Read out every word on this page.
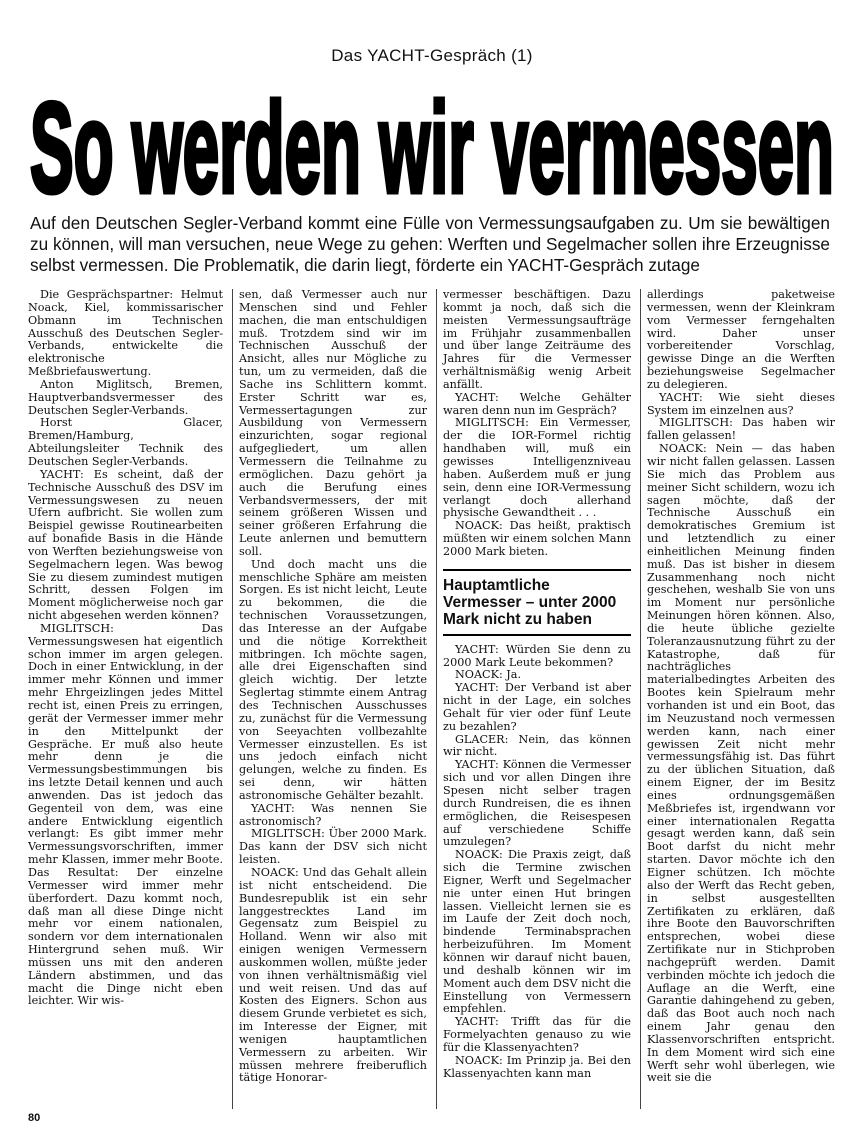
Das YACHT-Gespräch (1)
So werden wir vermessen
Auf den Deutschen Segler-Verband kommt eine Fülle von Vermessungsaufgaben zu. Um sie bewältigen zu können, will man versuchen, neue Wege zu gehen: Werften und Segelmacher sollen ihre Erzeugnisse selbst vermessen. Die Problematik, die darin liegt, förderte ein YACHT-Gespräch zutage

Die Gesprächspartner: Helmut Noack, Kiel, kommissarischer Obmann im Technischen Ausschuß des Deutschen Segler-Verbands, entwickelte die elektronische Meßbriefauswertung.

Anton Miglitsch, Bremen, Hauptverbandsvermesser des Deutschen Segler-Verbands.

Horst Glacer, Bremen/Hamburg, Abteilungsleiter Technik des Deutschen Segler-Verbands.

YACHT: Es scheint, daß der Technische Ausschuß des DSV im Vermessungswesen zu neuen Ufern aufbricht. Sie wollen zum Beispiel gewisse Routinearbeiten auf bonafide Basis in die Hände von Werften beziehungsweise von Segelmachern legen. Was bewog Sie zu diesem zumindest mutigen Schritt, dessen Folgen im Moment möglicherweise noch gar nicht abgesehen werden können?

MIGLITSCH: Das Vermessungswesen hat eigentlich schon immer im argen gelegen. Doch in einer Entwicklung, in der immer mehr Können und immer mehr Ehrgeizlingen jedes Mittel recht ist, einen Preis zu erringen, gerät der Vermesser immer mehr in den Mittelpunkt der Gespräche. Er muß also heute mehr denn je die Vermessungsbestimmungen bis ins letzte Detail kennen und auch anwenden. Das ist jedoch das Gegenteil von dem, was eine andere Entwicklung eigentlich verlangt: Es gibt immer mehr Vermessungsvorschriften, immer mehr Klassen, immer mehr Boote. Das Resultat: Der einzelne Vermesser wird immer mehr überfordert. Dazu kommt noch, daß man all diese Dinge nicht mehr vor einem nationalen, sondern vor dem internationalen Hintergrund sehen muß. Wir müssen uns mit den anderen Ländern abstimmen, und das macht die Dinge nicht eben leichter. Wir wis-

sen, daß Vermesser auch nur Menschen sind und Fehler machen, die man entschuldigen muß. Trotzdem sind wir im Technischen Ausschuß der Ansicht, alles nur Mögliche zu tun, um zu vermeiden, daß die Sache ins Schlittern kommt. Erster Schritt war es, Vermessertagungen zur Ausbildung von Vermessern einzurichten, sogar regional aufgegliedert, um allen Vermessern die Teilnahme zu ermöglichen. Dazu gehört ja auch die Berufung eines Verbandsvermessers, der mit seinem größeren Wissen und seiner größeren Erfahrung die Leute anlernen und bemuttern soll.

Und doch macht uns die menschliche Sphäre am meisten Sorgen. Es ist nicht leicht, Leute zu bekommen, die die technischen Voraussetzungen, das Interesse an der Aufgabe und die nötige Korrektheit mitbringen. Ich möchte sagen, alle drei Eigenschaften sind gleich wichtig. Der letzte Seglertag stimmte einem Antrag des Technischen Ausschusses zu, zunächst für die Vermessung von Seeyachten vollbezahlte Vermesser einzustellen. Es ist uns jedoch einfach nicht gelungen, welche zu finden. Es sei denn, wir hätten astronomische Gehälter bezahlt.

YACHT: Was nennen Sie astronomisch?

MIGLITSCH: Über 2000 Mark. Das kann der DSV sich nicht leisten.

NOACK: Und das Gehalt allein ist nicht entscheidend. Die Bundesrepublik ist ein sehr langgestrecktes Land im Gegensatz zum Beispiel zu Holland. Wenn wir also mit einigen wenigen Vermessern auskommen wollen, müßte jeder von ihnen verhältnismäßig viel und weit reisen. Und das auf Kosten des Eigners. Schon aus diesem Grunde verbietet es sich, im Interesse der Eigner, mit wenigen hauptamtlichen Vermessern zu arbeiten. Wir müssen mehrere freiberuflich tätige Honorar-

vermesser beschäftigen. Dazu kommt ja noch, daß sich die meisten Vermessungsaufträge im Frühjahr zusammenballen und über lange Zeiträume des Jahres für die Vermesser verhältnismäßig wenig Arbeit anfällt.

YACHT: Welche Gehälter waren denn nun im Gespräch?

MIGLITSCH: Ein Vermesser, der die IOR-Formel richtig handhaben will, muß ein gewisses Intelligenzniveau haben. Außerdem muß er jung sein, denn eine IOR-Vermessung verlangt doch allerhand physische Gewandtheit . . .

NOACK: Das heißt, praktisch müßten wir einem solchen Mann 2000 Mark bieten.

Hauptamtliche Vermesser – unter 2000 Mark nicht zu haben

YACHT: Würden Sie denn zu 2000 Mark Leute bekommen?

NOACK: Ja.

YACHT: Der Verband ist aber nicht in der Lage, ein solches Gehalt für vier oder fünf Leute zu bezahlen?

GLACER: Nein, das können wir nicht.

YACHT: Können die Vermesser sich und vor allen Dingen ihre Spesen nicht selber tragen durch Rundreisen, die es ihnen ermöglichen, die Reisespesen auf verschiedene Schiffe umzulegen?

NOACK: Die Praxis zeigt, daß sich die Termine zwischen Eigner, Werft und Segelmacher nie unter einen Hut bringen lassen. Vielleicht lernen sie es im Laufe der Zeit doch noch, bindende Terminabsprachen herbeizuführen. Im Moment können wir darauf nicht bauen, und deshalb können wir im Moment auch dem DSV nicht die Einstellung von Vermessern empfehlen.

YACHT: Trifft das für die Formelyachten genauso zu wie für die Klassenyachten?

NOACK: Im Prinzip ja. Bei den Klassenyachten kann man

allerdings paketweise vermessen, wenn der Kleinkram vom Vermesser ferngehalten wird. Daher unser vorbereitender Vorschlag, gewisse Dinge an die Werften beziehungsweise Segelmacher zu delegieren.

YACHT: Wie sieht dieses System im einzelnen aus?

MIGLITSCH: Das haben wir fallen gelassen!

NOACK: Nein — das haben wir nicht fallen gelassen. Lassen Sie mich das Problem aus meiner Sicht schildern, wozu ich sagen möchte, daß der Technische Ausschuß ein demokratisches Gremium ist und letztendlich zu einer einheitlichen Meinung finden muß. Das ist bisher in diesem Zusammenhang noch nicht geschehen, weshalb Sie von uns im Moment nur persönliche Meinungen hören können. Also, die heute übliche gezielte Toleranzausnutzung führt zu der Katastrophe, daß für nachträgliches materialbedingtes Arbeiten des Bootes kein Spielraum mehr vorhanden ist und ein Boot, das im Neuzustand noch vermessen werden kann, nach einer gewissen Zeit nicht mehr vermessungsfähig ist. Das führt zu der üblichen Situation, daß einem Eigner, der im Besitz eines ordnungsgemäßen Meßbriefes ist, irgendwann vor einer internationalen Regatta gesagt werden kann, daß sein Boot darfst du nicht mehr starten. Davor möchte ich den Eigner schützen. Ich möchte also der Werft das Recht geben, in selbst ausgestellten Zertifikaten zu erklären, daß ihre Boote den Bauvorschriften entsprechen, wobei diese Zertifikate nur in Stichproben nachgeprüft werden. Damit verbinden möchte ich jedoch die Auflage an die Werft, eine Garantie dahingehend zu geben, daß das Boot auch noch nach einem Jahr genau den Klassenvorschriften entspricht. In dem Moment wird sich eine Werft sehr wohl überlegen, wie weit sie die

80
